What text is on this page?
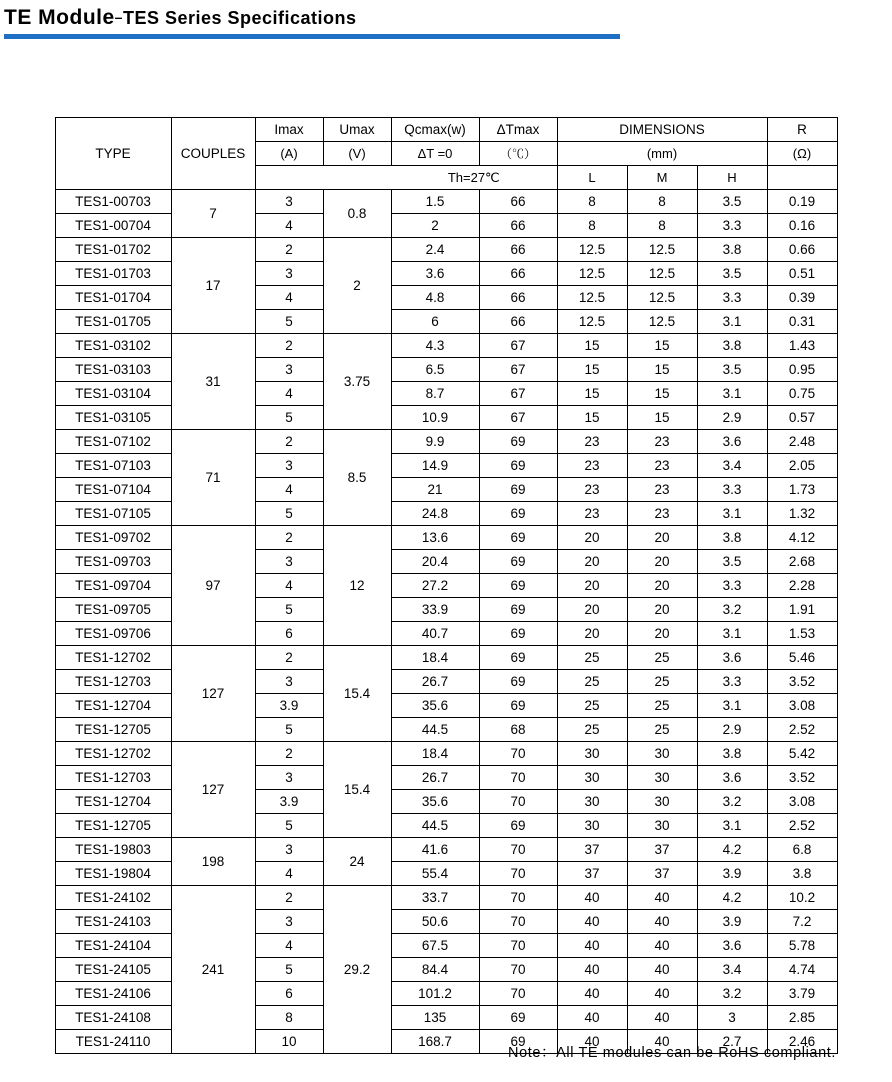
TE Module–TES Series Specifications
TYPE	COUPLES	Imax	Umax	Qcmax(w)	ΔTmax	DIMENSIONS			R
		(A)	(V)	ΔT =0	（℃）	(mm)			(Ω)
				Th=27℃		L	M	H	
TES1-00703	7	3	0.8	1.5	66	8	8	3.5	0.19
TES1-00704		4		2	66	8	8	3.3	0.16
TES1-01702	17	2	2	2.4	66	12.5	12.5	3.8	0.66
TES1-01703		3		3.6	66	12.5	12.5	3.5	0.51
TES1-01704		4		4.8	66	12.5	12.5	3.3	0.39
TES1-01705		5		6	66	12.5	12.5	3.1	0.31
TES1-03102	31	2	3.75	4.3	67	15	15	3.8	1.43
TES1-03103		3		6.5	67	15	15	3.5	0.95
TES1-03104		4		8.7	67	15	15	3.1	0.75
TES1-03105		5		10.9	67	15	15	2.9	0.57
TES1-07102	71	2	8.5	9.9	69	23	23	3.6	2.48
TES1-07103		3		14.9	69	23	23	3.4	2.05
TES1-07104		4		21	69	23	23	3.3	1.73
TES1-07105		5		24.8	69	23	23	3.1	1.32
TES1-09702	97	2	12	13.6	69	20	20	3.8	4.12
TES1-09703		3		20.4	69	20	20	3.5	2.68
TES1-09704		4		27.2	69	20	20	3.3	2.28
TES1-09705		5		33.9	69	20	20	3.2	1.91
TES1-09706		6		40.7	69	20	20	3.1	1.53
TES1-12702	127	2	15.4	18.4	69	25	25	3.6	5.46
TES1-12703		3		26.7	69	25	25	3.3	3.52
TES1-12704		3.9		35.6	69	25	25	3.1	3.08
TES1-12705		5		44.5	68	25	25	2.9	2.52
TES1-12702	127	2	15.4	18.4	70	30	30	3.8	5.42
TES1-12703		3		26.7	70	30	30	3.6	3.52
TES1-12704		3.9		35.6	70	30	30	3.2	3.08
TES1-12705		5		44.5	69	30	30	3.1	2.52
TES1-19803	198	3	24	41.6	70	37	37	4.2	6.8
TES1-19804		4		55.4	70	37	37	3.9	3.8
TES1-24102	241	2	29.2	33.7	70	40	40	4.2	10.2
TES1-24103		3		50.6	70	40	40	3.9	7.2
TES1-24104		4		67.5	70	40	40	3.6	5.78
TES1-24105		5		84.4	70	40	40	3.4	4.74
TES1-24106		6		101.2	70	40	40	3.2	3.79
TES1-24108		8		135	69	40	40	3	2.85
TES1-24110		10		168.7	69	40	40	2.7	2.46
Note：All TE modules can be RoHS compliant.
